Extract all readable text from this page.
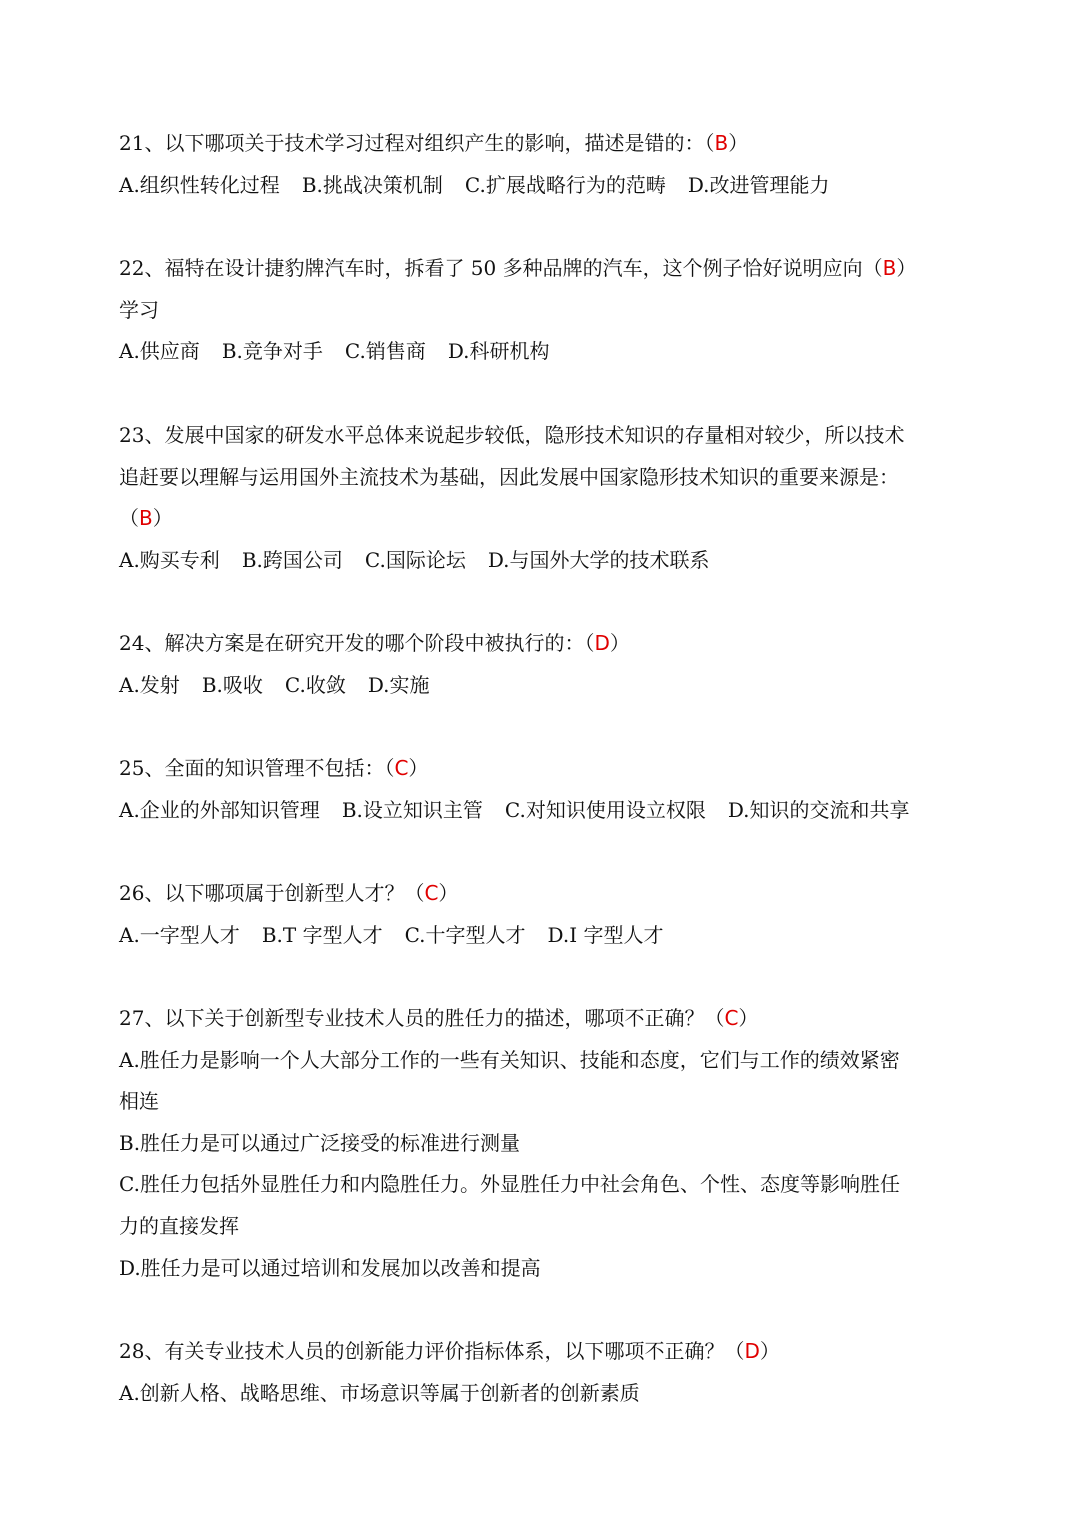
21、以下哪项关于技术学习过程对组织产生的影响，描述是错的：（B）
A.组织性转化过程 B.挑战决策机制 C.扩展战略行为的范畴 D.改进管理能力
22、福特在设计捷豹牌汽车时，拆看了 50 多种品牌的汽车，这个例子恰好说明应向（B）
学习
A.供应商 B.竞争对手 C.销售商 D.科研机构
23、发展中国家的研发水平总体来说起步较低，隐形技术知识的存量相对较少，所以技术
追赶要以理解与运用国外主流技术为基础，因此发展中国家隐形技术知识的重要来源是：
（B）
A.购买专利 B.跨国公司 C.国际论坛 D.与国外大学的技术联系
24、解决方案是在研究开发的哪个阶段中被执行的：（D）
A.发射 B.吸收 C.收敛 D.实施
25、全面的知识管理不包括：（C）
A.企业的外部知识管理 B.设立知识主管 C.对知识使用设立权限 D.知识的交流和共享
26、以下哪项属于创新型人才？（C）
A.一字型人才 B.T 字型人才 C.十字型人才 D.I 字型人才
27、以下关于创新型专业技术人员的胜任力的描述，哪项不正确？（C）
A.胜任力是影响一个人大部分工作的一些有关知识、技能和态度，它们与工作的绩效紧密
相连
B.胜任力是可以通过广泛接受的标准进行测量
C.胜任力包括外显胜任力和内隐胜任力。外显胜任力中社会角色、个性、态度等影响胜任
力的直接发挥
D.胜任力是可以通过培训和发展加以改善和提高
28、有关专业技术人员的创新能力评价指标体系，以下哪项不正确？（D）
A.创新人格、战略思维、市场意识等属于创新者的创新素质
